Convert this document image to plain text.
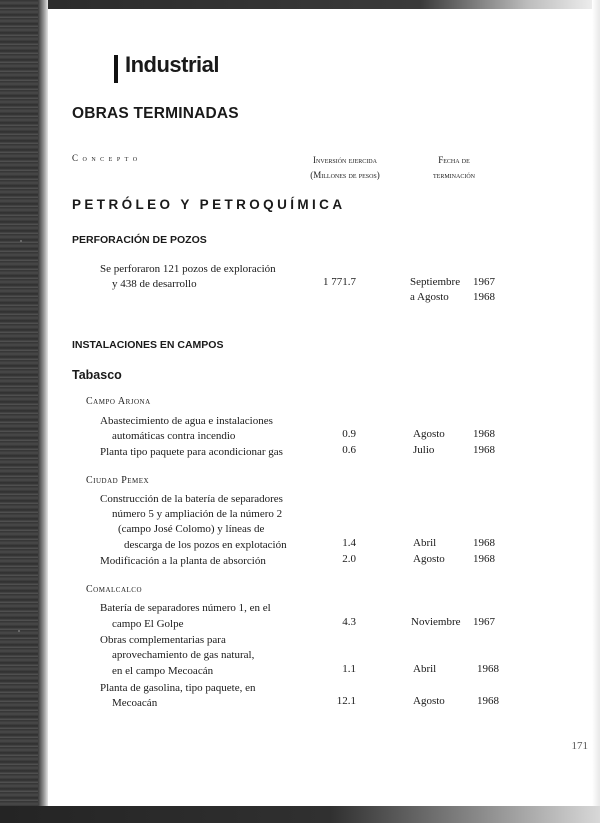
Industrial
OBRAS TERMINADAS
Concepto	Inversión ejercida
(Millones de pesos)
Fecha de
terminación
PETRÓLEO Y PETROQUÍMICA
PERFORACIÓN DE POZOS
Se perforaron 121 pozos de exploración
y 438 de desarrollo	1 771.7	Septiembre 1967
a Agosto 1968
INSTALACIONES EN CAMPOS
Tabasco
Campo Arjona
Abastecimiento de agua e instalaciones
automáticas contra incendio	0.9	Agosto	1968
Planta tipo paquete para acondicionar gas	0.6	Julio	1968
Ciudad Pemex
Construcción de la batería de separadores
número 5 y ampliación de la número 2
(campo José Colomo) y líneas de
descarga de los pozos en explotación	1.4	Abril	1968
Modificación a la planta de absorción	2.0	Agosto	1968
Comalcalco
Batería de separadores número 1, en el
campo El Golpe	4.3	Noviembre 1967
Obras complementarias para
aprovechamiento de gas natural,
en el campo Mecoacán	1.1	Abril	1968
Planta de gasolina, tipo paquete, en
Mecoacán	12.1	Agosto	1968
171
